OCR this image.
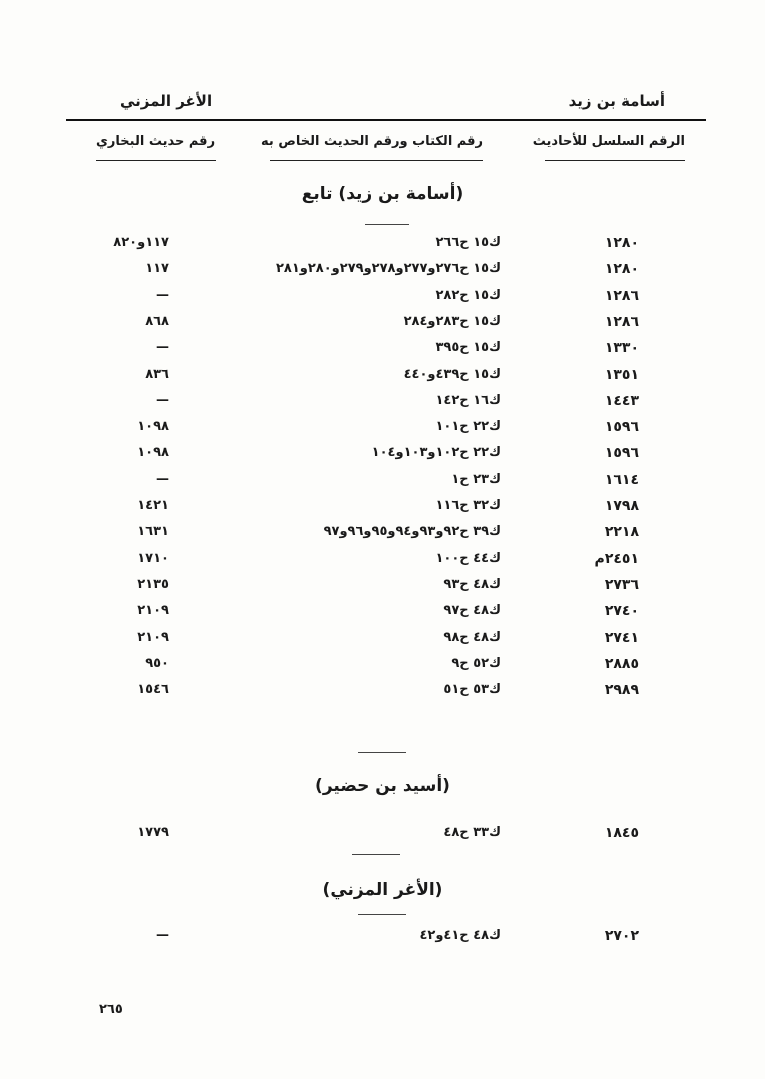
أسامة بن زيد
الأغر المزني
الرقم السلسل للأحاديث
رقم الكتاب ورقم الحديث الخاص به
رقم حديث البخاري
(أسامة بن زيد) تابع
١٢٨٠
ك١٥ ح٢٦٦
١١٧و٨٢٠
١٢٨٠
ك١٥ ح٢٧٦و٢٧٧و٢٧٨و٢٧٩و٢٨٠و٢٨١
١١٧
١٢٨٦
ك١٥ ح٢٨٢
—
١٢٨٦
ك١٥ ح٢٨٣و٢٨٤
٨٦٨
١٣٣٠
ك١٥ ح٣٩٥
—
١٣٥١
ك١٥ ح٤٣٩و٤٤٠
٨٣٦
١٤٤٣
ك١٦ ح١٤٢
—
١٥٩٦
ك٢٢ ح١٠١
١٠٩٨
١٥٩٦
ك٢٢ ح١٠٢و١٠٣و١٠٤
١٠٩٨
١٦١٤
ك٢٣ ح١
—
١٧٩٨
ك٣٢ ح١١٦
١٤٢١
٢٢١٨
ك٣٩ ح٩٢و٩٣و٩٤و٩٥و٩٦و٩٧
١٦٣١
٢٤٥١م
ك٤٤ ح١٠٠
١٧١٠
٢٧٣٦
ك٤٨ ح٩٣
٢١٣٥
٢٧٤٠
ك٤٨ ح٩٧
٢١٠٩
٢٧٤١
ك٤٨ ح٩٨
٢١٠٩
٢٨٨٥
ك٥٢ ح٩
٩٥٠
٢٩٨٩
ك٥٣ ح٥١
١٥٤٦
(أسيد بن حضير)
١٨٤٥
ك٣٣ ح٤٨
١٧٧٩
(الأغر المزني)
٢٧٠٢
ك٤٨ ح٤١و٤٢
—
٢٦٥
